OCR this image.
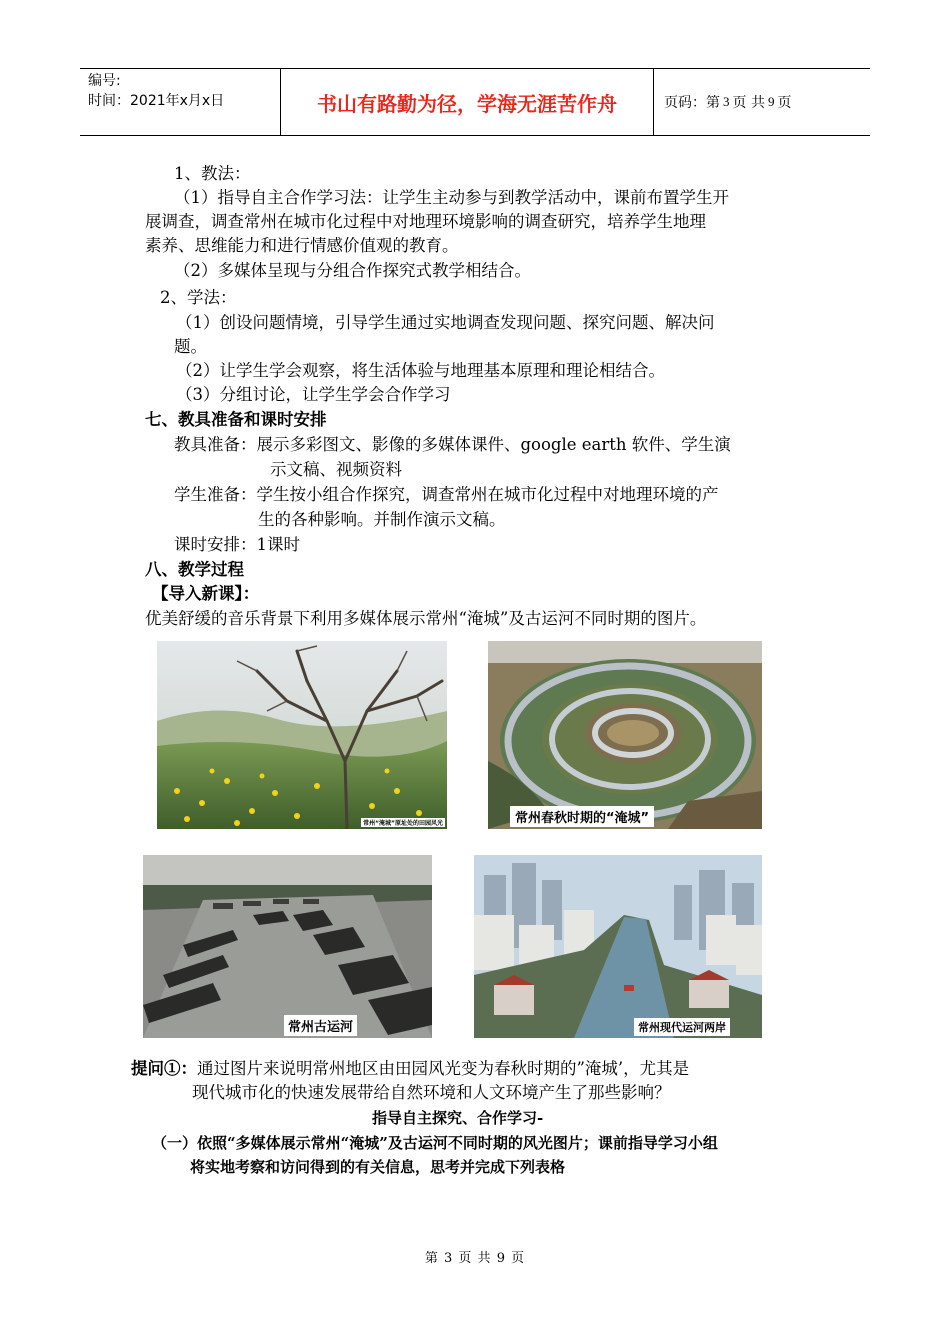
编号:
时间：2021年x月x日	书山有路勤为径，学海无涯苦作舟	页码：第 3 页 共 9 页
1、教法：
（1）指导自主合作学习法：让学生主动参与到教学活动中，课前布置学生开
展调查，调查常州在城市化过程中对地理环境影响的调查研究，培养学生地理
素养、思维能力和进行情感价值观的教育。
（2）多媒体呈现与分组合作探究式教学相结合。
2、学法：
（1）创设问题情境，引导学生通过实地调查发现问题、探究问题、解决问
题。
（2）让学生学会观察，将生活体验与地理基本原理和理论相结合。
（3）分组讨论，让学生学会合作学习
七、教具准备和课时安排
教具准备：展示多彩图文、影像的多媒体课件、google earth 软件、学生演
示文稿、视频资料
学生准备：学生按小组合作探究，调查常州在城市化过程中对地理环境的产
生的各种影响。并制作演示文稿。
课时安排：1课时
八、教学过程
【导入新课】：
优美舒缓的音乐背景下利用多媒体展示常州“淹城”及古运河不同时期的图片。
常州“淹城”原址处的田园风光	常州春秋时期的“淹城”
常州古运河	常州现代运河两岸
提问①：通过图片来说明常州地区由田园风光变为春秋时期的”淹城’，尤其是
现代城市化的快速发展带给自然环境和人文环境产生了那些影响？
指导自主探究、合作学习-
（一）依照“多媒体展示常州“淹城”及古运河不同时期的风光图片；课前指导学习小组
将实地考察和访问得到的有关信息，思考并完成下列表格
第 3 页 共 9 页
